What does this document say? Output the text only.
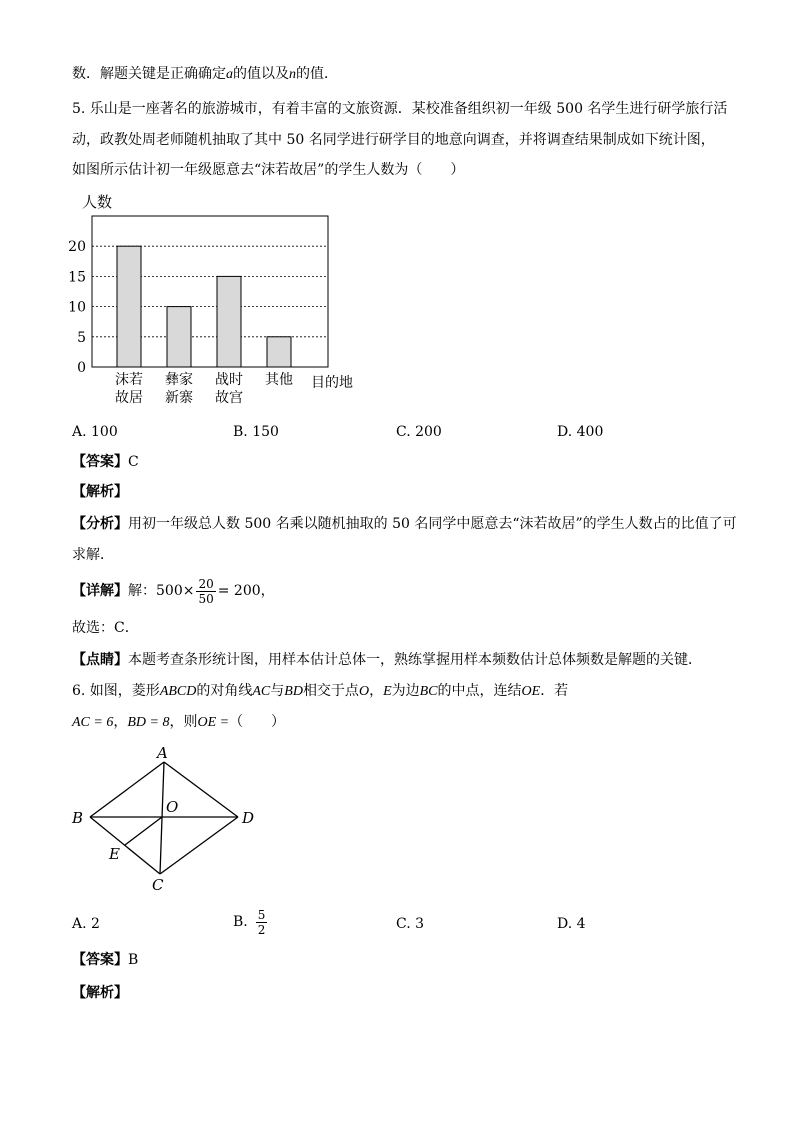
数．解题关键是正确确定a的值以及n的值．
5. 乐山是一座著名的旅游城市，有着丰富的文旅资源．某校准备组织初一年级 500 名学生进行研学旅行活
动，政教处周老师随机抽取了其中 50 名同学进行研学目的地意向调查，并将调查结果制成如下统计图，
如图所示估计初一年级愿意去“沫若故居”的学生人数为（　　）
0
5
10
15
20
人数
沫若
故居
彝家
新寨
战时
故宫
其他 目的地
A. 100	B. 150	C. 200	D. 400
【答案】C
【解析】
【分析】用初一年级总人数 500 名乘以随机抽取的 50 名同学中愿意去“沫若故居”的学生人数占的比值了可
求解．
【详解】解：$500\times \frac{20}{50} = 200$，
故选：C．
【点睛】本题考查条形统计图，用样本估计总体一，熟练掌握用样本频数估计总体频数是解题的关键．
6. 如图，菱形ABCD的对角线AC与BD相交于点O，E为边BC的中点，连结OE．若
AC = 6，BD = 8，则OE =（　　）
A
B
C
D
O
E
A. 2	B. $\frac{5}{2}$	C. 3	D. 4
【答案】B
【解析】
